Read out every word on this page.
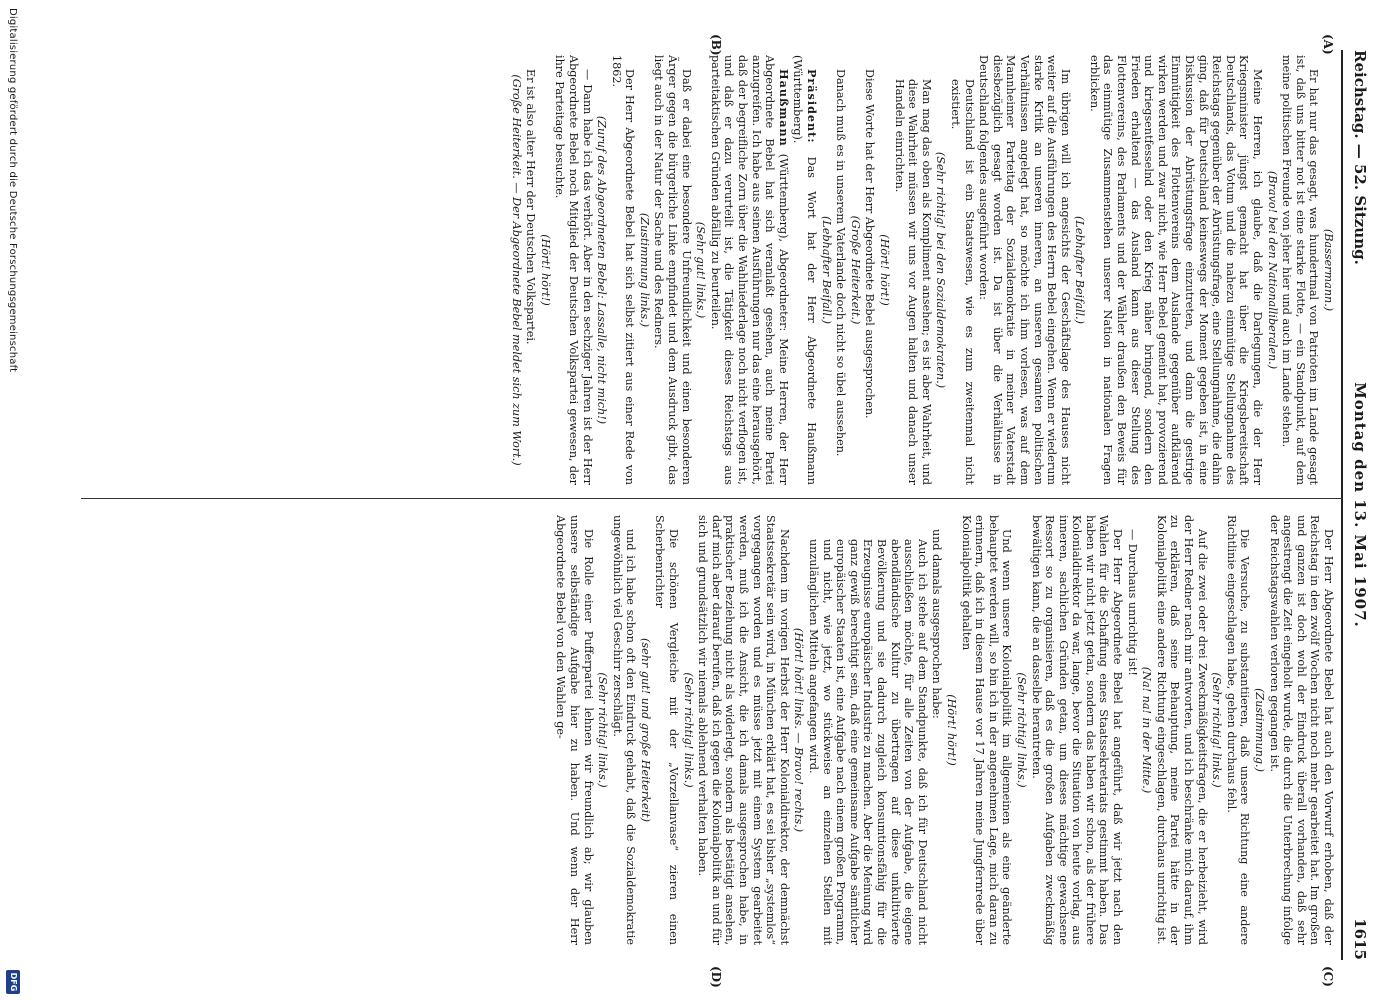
Reichstag. — 52. Sitzung.
Montag den 13. Mai 1907.
1615
(A)
(B)
(C)
(D)

(Bassermann.)

Er hat nur das gesagt, was hundertmal von Patrioten im Lande gesagt ist, daß uns bitter not ist eine starke Flotte, — ein Standpunkt, auf dem meine politischen Freunde von jeher hier und auch im Lande stehen.

(Bravo! bei den Nationalliberalen.)

Meine Herren, ich glaube, daß die Darlegungen, die der Herr Kriegsminister jüngst gemacht hat über die Kriegsbereitschaft Deutschlands, das Votum und die nahezu einmütige Stellungnahme des Reichstags gegenüber der Abrüstungsfrage, eine Stellungnahme, die dahin ging, daß für Deutschland keineswegs der Moment gegeben ist, in eine Diskussion der Abrüstungsfrage einzutreten, und dann die gestrige Einmütigkeit des Flottenvereins dem Auslande gegenüber aufklärend wirken werden und zwar nicht, wie Herr Bebel gemeint hat, provozierend und kriegsentfesselnd oder den Krieg näher bringend, sondern den Frieden erhaltend — das Ausland kann aus dieser Stellung des Flottenvereins, des Parlaments und der Wähler draußen den Beweis für das einmütige Zusammenstehen unserer Nation in nationalen Fragen erblicken.

(Lebhafter Beifall.)

Im übrigen will ich angesichts der Geschäftslage des Hauses nicht weiter auf die Ausführungen des Herrn Bebel eingehen. Wenn er wiederum starke Kritik an unseren inneren, an unseren gesamten politischen Verhältnissen angelegt hat, so möchte ich ihm vorlesen, was auf dem Mannheimer Parteitag der Sozialdemokratie in meiner Vaterstadt diesbezüglich gesagt worden ist. Da ist über die Verhältnisse in Deutschland folgendes ausgeführt worden:

Deutschland ist ein Staatswesen, wie es zum zweitenmal nicht existiert.

(Sehr richtig! bei den Sozialdemokraten.)

Man mag das oben als Kompliment ansehen; es ist aber Wahrheit, und diese Wahrheit müssen wir uns vor Augen halten und danach unser Handeln einrichten.

(Hört! hört!)

Diese Worte hat der Herr Abgeordnete Bebel ausgesprochen.

(Große Heiterkeit.)

Danach muß es in unserem Vaterlande doch nicht so übel aussehen.

(Lebhafter Beifall.)

Präsident: Das Wort hat der Herr Abgeordnete Haußmann (Württemberg).

Haußmann (Württemberg), Abgeordneter: Meine Herren, der Herr Abgeordnete Bebel hat sich veranlaßt gesehen, auch meine Partei anzugreifen. Ich habe aus seinen Ausführungen nur das eine herausgehört, daß der begreifliche Zorn über die Wahlniederlage noch nicht verflogen ist, und daß er dazu verurteilt ist, die Tätigkeit dieses Reichstags aus parteitaktischen Gründen abfällig zu beurteilen.

(Sehr gut! links.)

Daß er dabei eine besondere Unfreundlichkeit und einen besonderen Ärger gegen die bürgerliche Linke empfindet und dem Ausdruck gibt, das liegt auch in der Natur der Sache und des Redners.

(Zustimmung links.)

Der Herr Abgeordnete Bebel hat sich selbst zitiert aus einer Rede von 1862.

(Zuruf des Abgeordneten Bebel: Lassalle, nicht mich!)

— Dann habe ich das verhört. Aber in den sechziger Jahren ist der Herr Abgeordnete Bebel noch Mitglied der Deutschen Volkspartei gewesen, der ihre Parteitage besuchte.

(Hört! hört!)

Er ist also alter Herr der Deutschen Volkspartei.

(Große Heiterkeit. — Der Abgeordnete Bebel meldet sich zum Wort.)

Der Herr Abgeordnete Bebel hat auch den Vorwurf erhoben, daß der Reichstag in den zwölf Wochen nicht noch mehr gearbeitet hat. Im großen und ganzen ist doch wohl der Eindruck überall vorhanden, daß sehr angestrengt die Zeit eingeholt wurde, die durch die Unterbrechung infolge der Reichstagswahlen verloren gegangen ist.

(Zustimmung.)

Die Versuche, zu substantiieren, daß unsere Richtung eine andere Richtlinie eingeschlagen habe, gehen durchaus fehl.

(Sehr richtig! links.)

Auf die zwei oder drei Zweckmäßigkeitsfragen, die er herbeizieht, wird der Herr Redner nach mir antworten, und ich beschränke mich darauf, ihm zu erklären, daß seine Behauptung, meine Partei hätte in der Kolonialpolitik eine andere Richtung eingeschlagen, durchaus unrichtig ist.

(Na! na! in der Mitte.)

— Durchaus unrichtig ist!

Der Herr Abgeordnete Bebel hat angeführt, daß wir jetzt nach den Wahlen für die Schaffung eines Staatssekretariats gestimmt haben. Das haben wir nicht jetzt getan, sondern das haben wir schon, als der frühere Kolonialdirektor da war, lange, bevor die Situation von heute vorlag, aus inneren, sachlichen Gründen getan, um dieses mächtige gewachsene Ressort so zu organisieren, daß es die großen Aufgaben zweckmäßig bewältigen kann, die an dasselbe herantreten.

(Sehr richtig! links.)

Und wenn unsere Kolonialpolitik im allgemeinen als eine geänderte behauptet werden will, so bin ich in der angenehmen Lage, mich daran zu erinnern, daß ich in diesem Hause vor 17 Jahren meine Jungfernrede über Kolonialpolitik gehalten

(Hört! hört!)

und damals ausgesprochen habe:

Auch ich stehe auf dem Standpunkte, daß ich für Deutschland nicht ausschließen möchte, für alle Zeiten von der Aufgabe, die eigene abendländische Kultur zu übertragen auf diese unkultivierte Bevölkerung und sie dadurch zugleich konsumtionsfähig für die Erzeugnisse europäischer Industrie zu machen. Aber die Meinung wird ganz gewiß berechtigt sein, daß eine gemeinsame Aufgabe sämtlicher europäischer Staaten ist, eine Aufgabe nach einem großen Programm, und nicht, wie jetzt, wo stückweise an einzelnen Stellen mit unzulänglichen Mitteln angefangen wird.

(Hört! hört! links. — Bravo! rechts.)

Nachdem im vorigen Herbst der Herr Kolonialdirektor, der demnächst Staatssekretär sein wird, in München erklärt hat, es sei bisher „systemlos“ vorgegangen worden und es müsse jetzt mit einem System gearbeitet werden, muß ich die Ansicht, die ich damals ausgesprochen habe, in praktischer Beziehung nicht als widerlegt, sondern als bestätigt ansehen, darf mich aber darauf berufen, daß ich gegen die Kolonialpolitik an und für sich und grundsätzlich wir niemals ablehnend verhalten haben.

(Sehr richtig! links.)

Die schönen Vergleiche mit der „Vorzellanvase“ zieren einen Scherbenrichter

(sehr gut! und große Heiterkeit)

und ich habe schon oft den Eindruck gehabt, daß die Sozialdemokratie ungewöhnlich viel Geschirr zerschlägt.

(Sehr richtig! links.)

Die Rolle einer Pufferpartei lehnen wir freundlich ab; wir glauben unsere selbständige Aufgabe hier zu haben. Und wenn der Herr Abgeordnete Bebel von den Wahlen ge-

Digitalisierung gefördert durch die Deutsche Forschungsgemeinschaft
DFG
